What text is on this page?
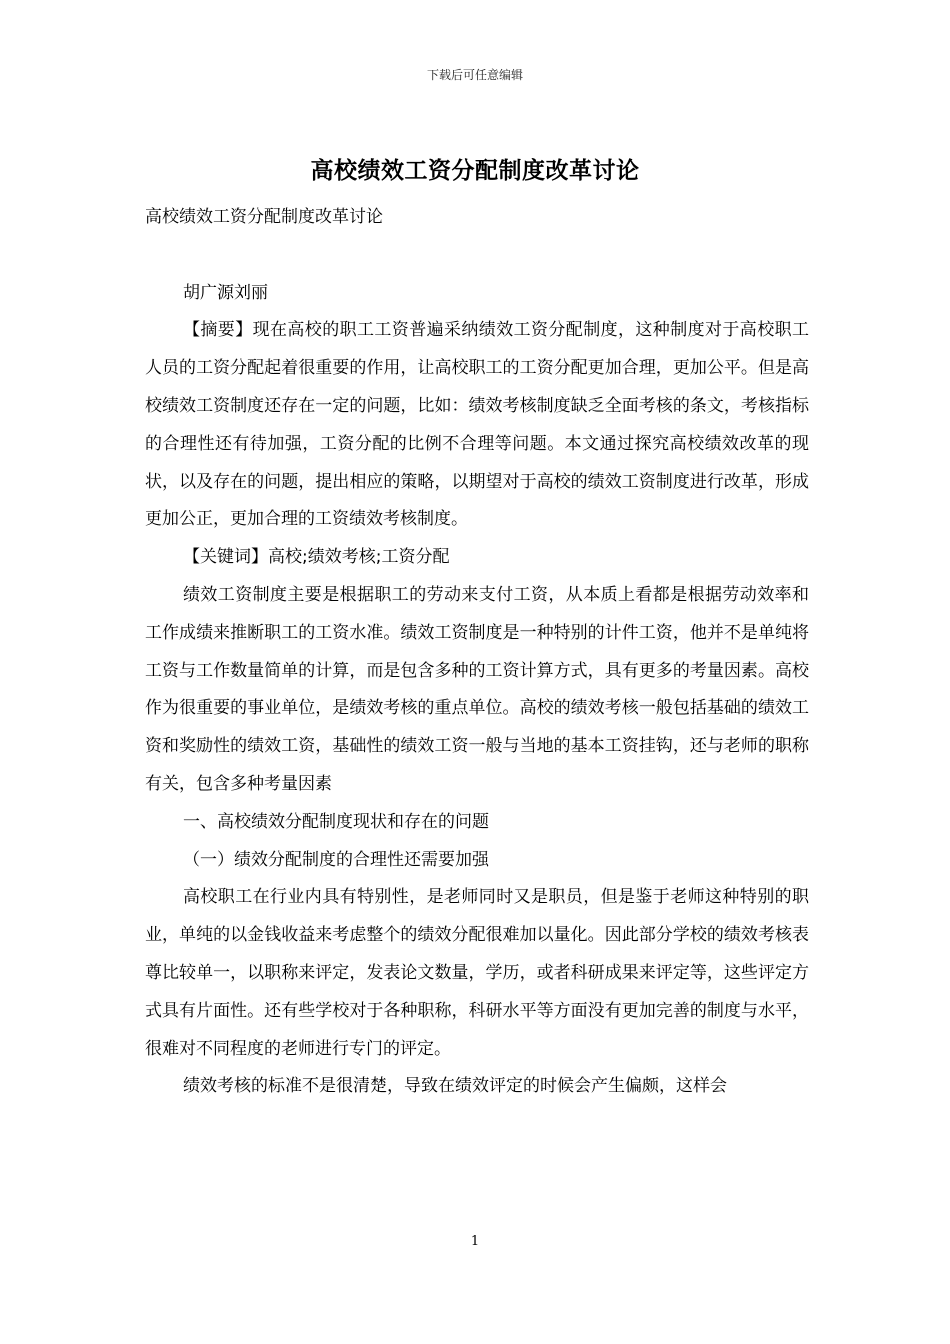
下载后可任意编辑
高校绩效工资分配制度改革讨论

高校绩效工资分配制度改革讨论

胡广源刘丽

【摘要】现在高校的职工工资普遍采纳绩效工资分配制度，这种制度对于高校职工人员的工资分配起着很重要的作用，让高校职工的工资分配更加合理，更加公平。但是高校绩效工资制度还存在一定的问题，比如：绩效考核制度缺乏全面考核的条文，考核指标的合理性还有待加强，工资分配的比例不合理等问题。本文通过探究高校绩效改革的现状，以及存在的问题，提出相应的策略，以期望对于高校的绩效工资制度进行改革，形成更加公正，更加合理的工资绩效考核制度。

【关键词】高校;绩效考核;工资分配

绩效工资制度主要是根据职工的劳动来支付工资，从本质上看都是根据劳动效率和工作成绩来推断职工的工资水准。绩效工资制度是一种特别的计件工资，他并不是单纯将工资与工作数量简单的计算，而是包含多种的工资计算方式，具有更多的考量因素。高校作为很重要的事业单位，是绩效考核的重点单位。高校的绩效考核一般包括基础的绩效工资和奖励性的绩效工资，基础性的绩效工资一般与当地的基本工资挂钩，还与老师的职称有关，包含多种考量因素

一、高校绩效分配制度现状和存在的问题

（一）绩效分配制度的合理性还需要加强

高校职工在行业内具有特别性，是老师同时又是职员，但是鉴于老师这种特别的职业，单纯的以金钱收益来考虑整个的绩效分配很难加以量化。因此部分学校的绩效考核表尊比较单一，以职称来评定，发表论文数量，学历，或者科研成果来评定等，这些评定方式具有片面性。还有些学校对于各种职称，科研水平等方面没有更加完善的制度与水平，很难对不同程度的老师进行专门的评定。

绩效考核的标准不是很清楚，导致在绩效评定的时候会产生偏颇，这样会

1
